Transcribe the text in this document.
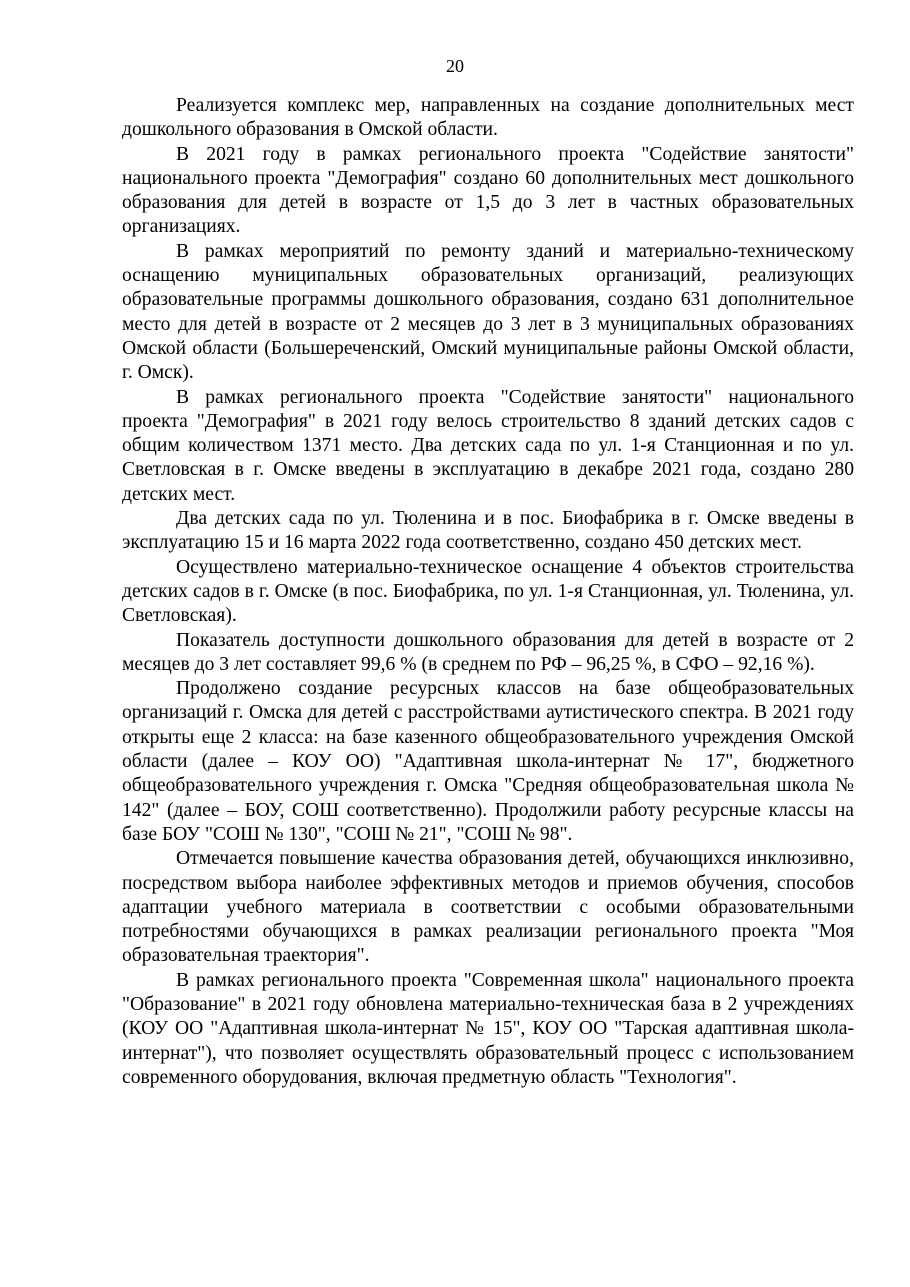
20

Реализуется комплекс мер, направленных на создание дополнительных мест дошкольного образования в Омской области.

В 2021 году в рамках регионального проекта "Содействие занятости" национального проекта "Демография" создано 60 дополнительных мест дошкольного образования для детей в возрасте от 1,5 до 3 лет в частных образовательных организациях.

В рамках мероприятий по ремонту зданий и материально-техническому оснащению муниципальных образовательных организаций, реализующих образовательные программы дошкольного образования, создано 631 дополнительное место для детей в возрасте от 2 месяцев до 3 лет в 3 муниципальных образованиях Омской области (Большереченский, Омский муниципальные районы Омской области, г. Омск).

В рамках регионального проекта "Содействие занятости" национального проекта "Демография" в 2021 году велось строительство 8 зданий детских садов с общим количеством 1371 место. Два детских сада по ул. 1-я Станционная и по ул. Светловская в г. Омске введены в эксплуатацию в декабре 2021 года, создано 280 детских мест.

Два детских сада по ул. Тюленина и в пос. Биофабрика в г. Омске введены в эксплуатацию 15 и 16 марта 2022 года соответственно, создано 450 детских мест.

Осуществлено материально-техническое оснащение 4 объектов строительства детских садов в г. Омске (в пос. Биофабрика, по ул. 1-я Станционная, ул. Тюленина, ул. Светловская).

Показатель доступности дошкольного образования для детей в возрасте от 2 месяцев до 3 лет составляет 99,6 % (в среднем по РФ – 96,25 %, в СФО – 92,16 %).

Продолжено создание ресурсных классов на базе общеобразовательных организаций г. Омска для детей с расстройствами аутистического спектра. В 2021 году открыты еще 2 класса: на базе казенного общеобразовательного учреждения Омской области (далее – КОУ ОО) "Адаптивная школа-интернат № 17", бюджетного общеобразовательного учреждения г. Омска "Средняя общеобразовательная школа № 142" (далее – БОУ, СОШ соответственно). Продолжили работу ресурсные классы на базе БОУ "СОШ № 130", "СОШ № 21", "СОШ № 98".

Отмечается повышение качества образования детей, обучающихся инклюзивно, посредством выбора наиболее эффективных методов и приемов обучения, способов адаптации учебного материала в соответствии с особыми образовательными потребностями обучающихся в рамках реализации регионального проекта "Моя образовательная траектория".

В рамках регионального проекта "Современная школа" национального проекта "Образование" в 2021 году обновлена материально-техническая база в 2 учреждениях (КОУ ОО "Адаптивная школа-интернат № 15", КОУ ОО "Тарская адаптивная школа-интернат"), что позволяет осуществлять образовательный процесс с использованием современного оборудования, включая предметную область "Технология".
